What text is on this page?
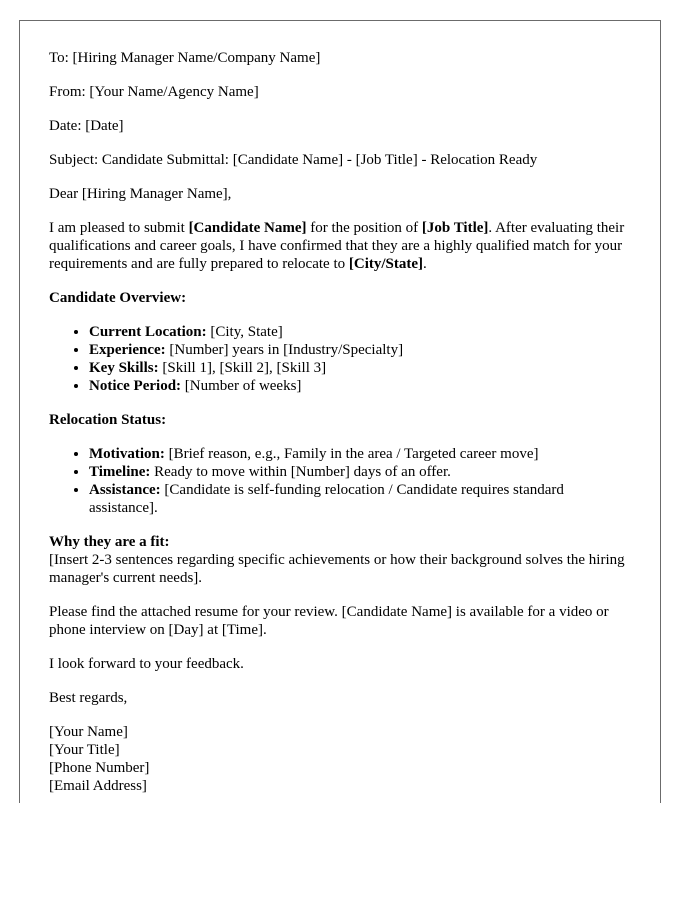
To: [Hiring Manager Name/Company Name]

From: [Your Name/Agency Name]

Date: [Date]

Subject: Candidate Submittal: [Candidate Name] - [Job Title] - Relocation Ready

Dear [Hiring Manager Name],

I am pleased to submit [Candidate Name] for the position of [Job Title]. After evaluating their qualifications and career goals, I have confirmed that they are a highly qualified match for your requirements and are fully prepared to relocate to [City/State].

Candidate Overview:
• Current Location: [City, State]
• Experience: [Number] years in [Industry/Specialty]
• Key Skills: [Skill 1], [Skill 2], [Skill 3]
• Notice Period: [Number of weeks]
Relocation Status:
• Motivation: [Brief reason, e.g., Family in the area / Targeted career move]
• Timeline: Ready to move within [Number] days of an offer.
• Assistance: [Candidate is self-funding relocation / Candidate requires standard assistance].
Why they are a fit:
[Insert 2-3 sentences regarding specific achievements or how their background solves the hiring manager's current needs].

Please find the attached resume for your review. [Candidate Name] is available for a video or phone interview on [Day] at [Time].

I look forward to your feedback.

Best regards,

[Your Name]
[Your Title]
[Phone Number]
[Email Address]
